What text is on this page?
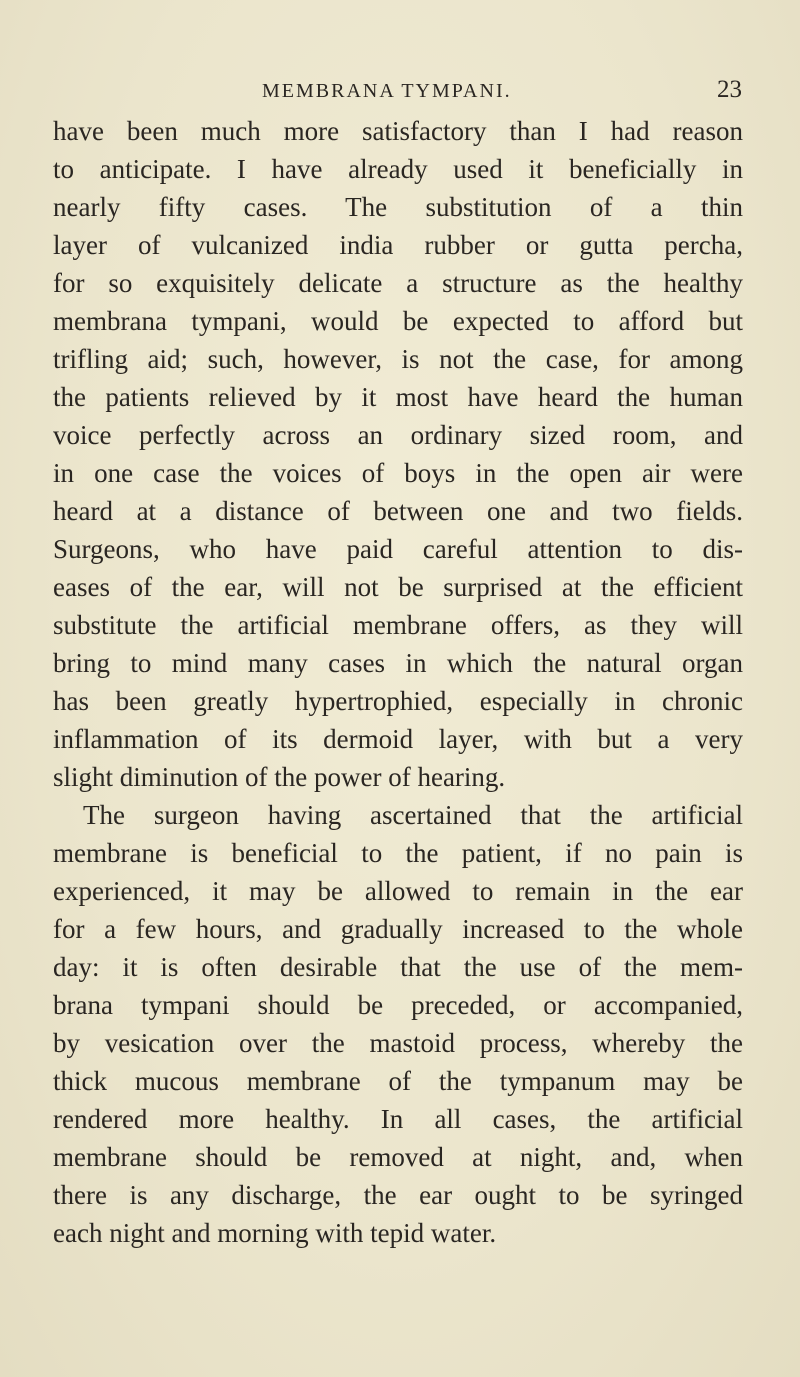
MEMBRANA TYMPANI.	23
have been much more satisfactory than I had reason
to anticipate. I have already used it beneficially in
nearly fifty cases. The substitution of a thin
layer of vulcanized india rubber or gutta percha,
for so exquisitely delicate a structure as the healthy
membrana tympani, would be expected to afford but
trifling aid; such, however, is not the case, for among
the patients relieved by it most have heard the human
voice perfectly across an ordinary sized room, and
in one case the voices of boys in the open air were
heard at a distance of between one and two fields.
Surgeons, who have paid careful attention to dis-
eases of the ear, will not be surprised at the efficient
substitute the artificial membrane offers, as they will
bring to mind many cases in which the natural organ
has been greatly hypertrophied, especially in chronic
inflammation of its dermoid layer, with but a very
slight diminution of the power of hearing.
The surgeon having ascertained that the artificial
membrane is beneficial to the patient, if no pain is
experienced, it may be allowed to remain in the ear
for a few hours, and gradually increased to the whole
day: it is often desirable that the use of the mem-
brana tympani should be preceded, or accompanied,
by vesication over the mastoid process, whereby the
thick mucous membrane of the tympanum may be
rendered more healthy. In all cases, the artificial
membrane should be removed at night, and, when
there is any discharge, the ear ought to be syringed
each night and morning with tepid water.
